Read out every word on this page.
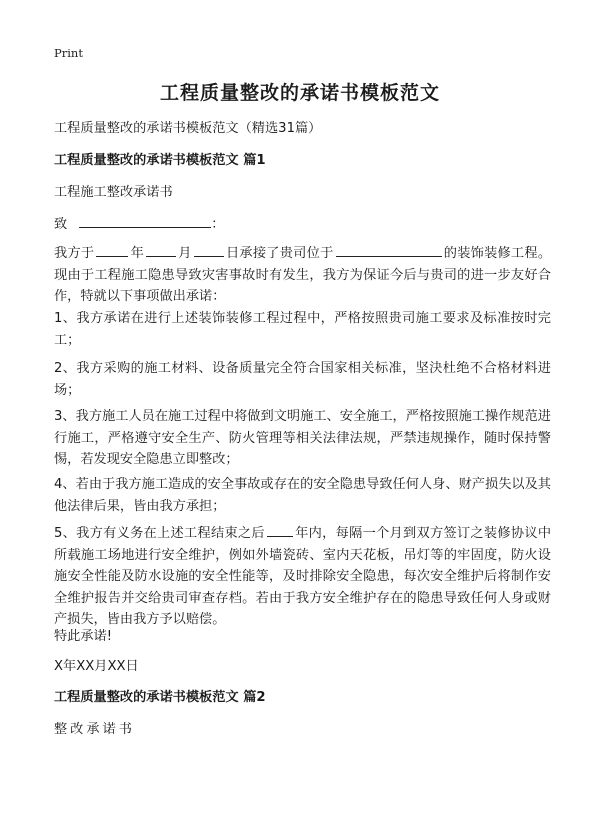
Print
工程质量整改的承诺书模板范文
工程质量整改的承诺书模板范文（精选31篇）
工程质量整改的承诺书模板范文 篇1
工程施工整改承诺书
致	：
我方于	年	月	日承接了贵司位于	的装饰装修工程。现由于工程施工隐患导致灾害事故时有发生，我方为保证今后与贵司的进一步友好合作，特就以下事项做出承诺：
1、我方承诺在进行上述装饰装修工程过程中，严格按照贵司施工要求及标准按时完工；
2、我方采购的施工材料、设备质量完全符合国家相关标准，坚決杜绝不合格材料进场；
3、我方施工人员在施工过程中将做到文明施工、安全施工，严格按照施工操作规范进行施工，严格遵守安全生产、防火管理等相关法律法规，严禁违规操作，随时保持警惕，若发现安全隐患立即整改；
4、若由于我方施工造成的安全事故或存在的安全隐患导致任何人身、财产损失以及其他法律后果，皆由我方承担；
5、我方有义务在上述工程结束之后 年内，每隔一个月到双方签订之装修协议中所载施工场地进行安全维护，例如外墙瓷砖、室内天花板，吊灯等的牢固度，防火设施安全性能及防水设施的安全性能等，及时排除安全隐患，每次安全维护后将制作安全维护报告并交给贵司审查存档。若由于我方安全维护存在的隐患导致任何人身或财产损失，皆由我方予以赔偿。
特此承诺!
X年XX月XX日
工程质量整改的承诺书模板范文 篇2
整改承诺书
